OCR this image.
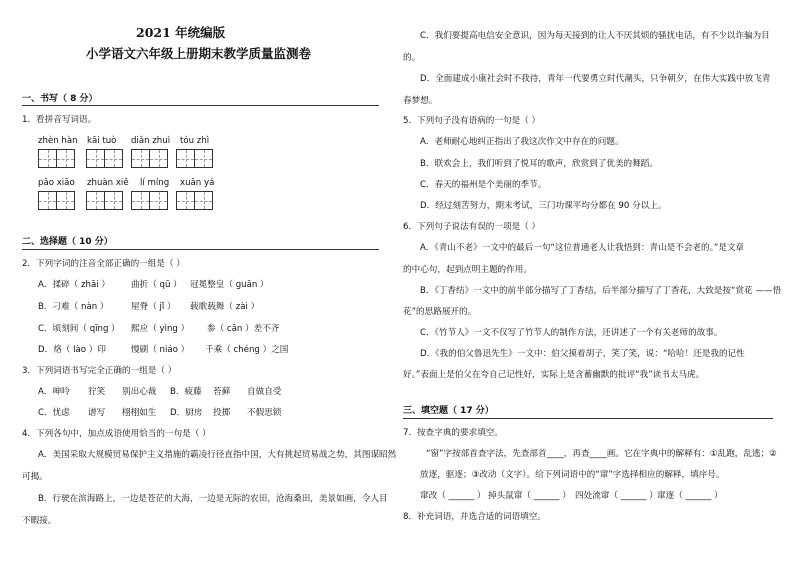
2021 年统编版
小学语文六年级上册期末教学质量监测卷
一、书写（ 8 分）
1．看拼音写词语。
zhèn hàn kāi tuò diǎn zhuì tóu zhì
pāo xiāo zhuàn xiě lí míng xuān yá
二、选择题（ 10 分）
2．下列字词的注音全部正确的一组是（ ）
A．揉碎（ zhāi ） 曲折（ qū ） 冠冕整皇（ guān ）
B．刁难（ nàn ）	屋脊（ jǐ ） 载歌载舞（ zài ）
C．顷刻间（ qīng ） 熙应（ yìng ） 参（ cān ）差不齐
D．烙（ lào ）印	慢刷（ niáo ） 千乘（ chéng ）之国
3．下列词语书写完全正确的一组是（ ）
A．呻呤 狞笑 别出心裁 B．疲藤 苔藓 自做自受
C．忧虑 谱写 栩栩如生 D．厨房 投掷 不假思锁
4．下列各句中，加点成语使用恰当的一句是（ ）
A．美国采取大规模贸易保护主义措施的霸凌行径直指中国，大有挑起贸易战之势，其图谋昭然
可揭。
B．行驶在滨海路上，一边是苍茫的大海，一边是无际的农田，沧海桑田，美景如画，令人目
不暇接。
C．我们要提高电信安全意识，因为每天接到的让人不厌其烦的骚扰电话，有不少以诈骗为目
的。
D．全面建成小康社会时不我待，青年一代要勇立时代潮头，只争朝夕，在伟大实践中放飞青
春梦想。
5．下列句子没有语病的一句是（ ）
A．老师耐心地纠正指出了我这次作文中存在的问题。
B．联欢会上，我们听到了悦耳的歌声，欣赏到了优美的舞蹈。
C．春天的福州是个美丽的季节。
D．经过刻苦努力，期末考试，三门功课平均分都在 90 分以上。
6．下列句子说法有误的一项是（ ）
A．《青山不老》一文中的最后一句“这位普通老人让我悟到：青山是不会老的。”是文章
的中心句，起到点明主题的作用。
B．《丁香结》一文中的前半部分描写了丁香结，后半部分描写了丁香花，大致是按“赏花 ——悟
花”的思路展开的。
C．《竹节人》一文不仅写了竹节人的制作方法，还讲述了一个有关老师的故事。
D．《我的伯父鲁迅先生》一文中：伯父摸着胡子，笑了笑，说：“哈哈！还是我的记性
好。”表面上是伯父在夸自己记性好，实际上是含蓄幽默的批评“我”读书太马虎。
三、填空题（ 17 分）
7．按查字典的要求填空。
“窗”字按部首查字法，先查部首____，再查____画。它在字典中的解释有：①乱跑，乱逃；②
放逐，驱逐；③改动（文字）。给下列词语中的“窜”字选择相应的解释，填序号。
窜改（ ______ ） 掉头鼠窜（ ______ ） 四处流窜（ ______ ） 窜逐（ ______ ）
8．补充词语，并选合适的词语填空。
